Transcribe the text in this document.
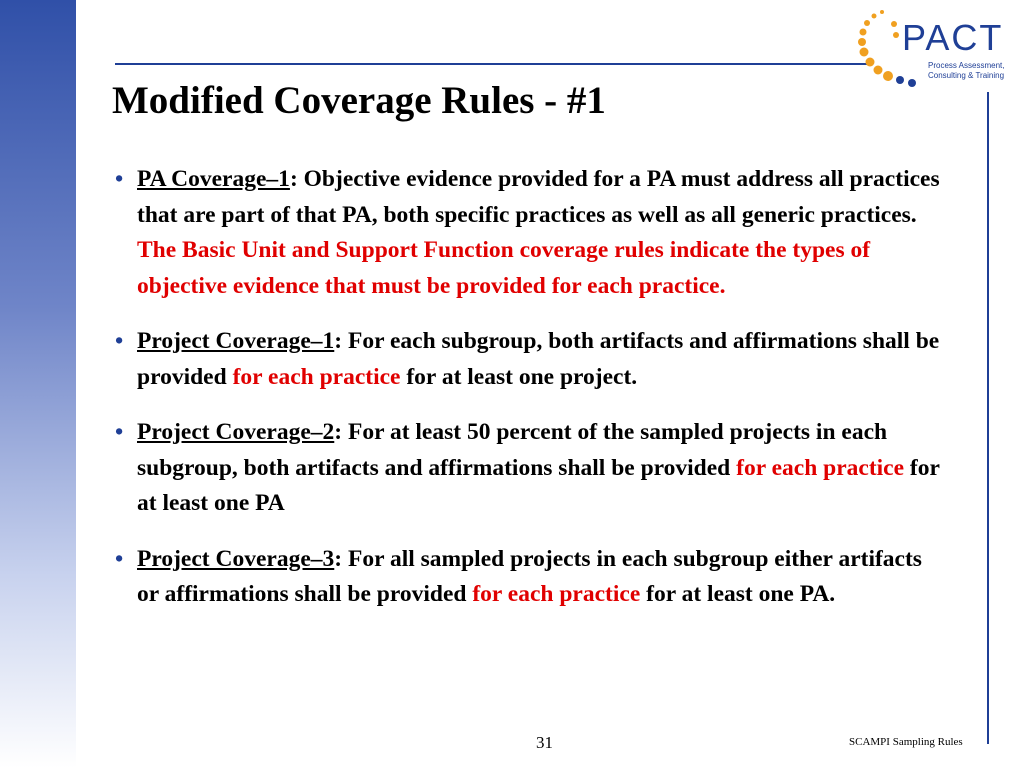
PACT
Process Assessment,
Consulting & Training
Modified Coverage Rules - #1
• PA Coverage–1: Objective evidence provided for a PA must address all practices that are part of that PA, both specific practices as well as all generic practices. The Basic Unit and Support Function coverage rules indicate the types of objective evidence that must be provided for each practice.
• Project Coverage–1: For each subgroup, both artifacts and affirmations shall be provided for each practice for at least one project.
• Project Coverage–2: For at least 50 percent of the sampled projects in each subgroup, both artifacts and affirmations shall be provided for each practice for at least one PA
• Project Coverage–3: For all sampled projects in each subgroup either artifacts or affirmations shall be provided for each practice for at least one PA.
31	SCAMPI Sampling Rules
